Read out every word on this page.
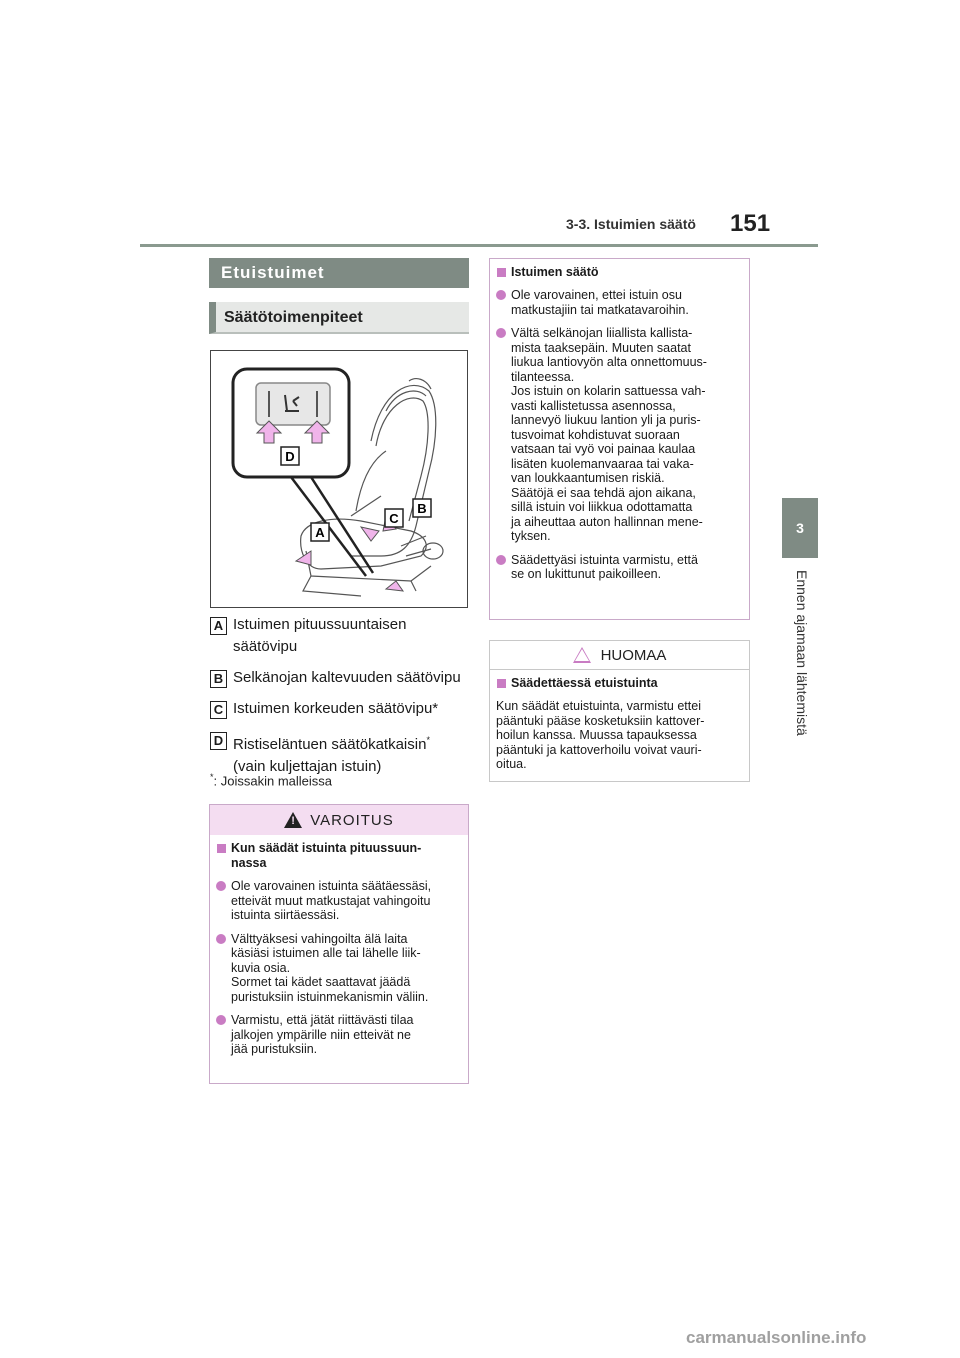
3-3. Istuimien säätö 151
3
Ennen ajamaan lähtemistä
Etuistuimet
Säätötoimenpiteet
D
A
C
B
A Istuimen pituussuuntaisen säätövipu
B Selkänojan kaltevuuden säätövipu
C Istuimen korkeuden säätövipu*
D Ristiseläntuen säätökatkaisin*
(vain kuljettajan istuin)
*: Joissakin malleissa
!
VAROITUS
Kun säädät istuinta pituussuun-
nassa
Ole varovainen istuinta säätäessäsi,
etteivät muut matkustajat vahingoitu
istuinta siirtäessäsi.
Välttyäksesi vahingoilta älä laita
käsiäsi istuimen alle tai lähelle liik-
kuvia osia.
Sormet tai kädet saattavat jäädä
puristuksiin istuinmekanismin väliin.
Varmistu, että jätät riittävästi tilaa
jalkojen ympärille niin etteivät ne
jää puristuksiin.
Istuimen säätö
Ole varovainen, ettei istuin osu
matkustajiin tai matkatavaroihin.
Vältä selkänojan liiallista kallista-
mista taaksepäin. Muuten saatat
liukua lantiovyön alta onnettomuus-
tilanteessa.
Jos istuin on kolarin sattuessa vah-
vasti kallistetussa asennossa,
lannevyö liukuu lantion yli ja puris-
tusvoimat kohdistuvat suoraan
vatsaan tai vyö voi painaa kaulaa
lisäten kuolemanvaaraa tai vaka-
van loukkaantumisen riskiä.
Säätöjä ei saa tehdä ajon aikana,
sillä istuin voi liikkua odottamatta
ja aiheuttaa auton hallinnan mene-
tyksen.
Säädettyäsi istuinta varmistu, että
se on lukittunut paikoilleen.
HUOMAA
Säädettäessä etuistuinta
Kun säädät etuistuinta, varmistu ettei
pääntuki pääse kosketuksiin kattover-
hoilun kanssa. Muussa tapauksessa
pääntuki ja kattoverhoilu voivat vauri-
oitua.
carmanualsonline.info
